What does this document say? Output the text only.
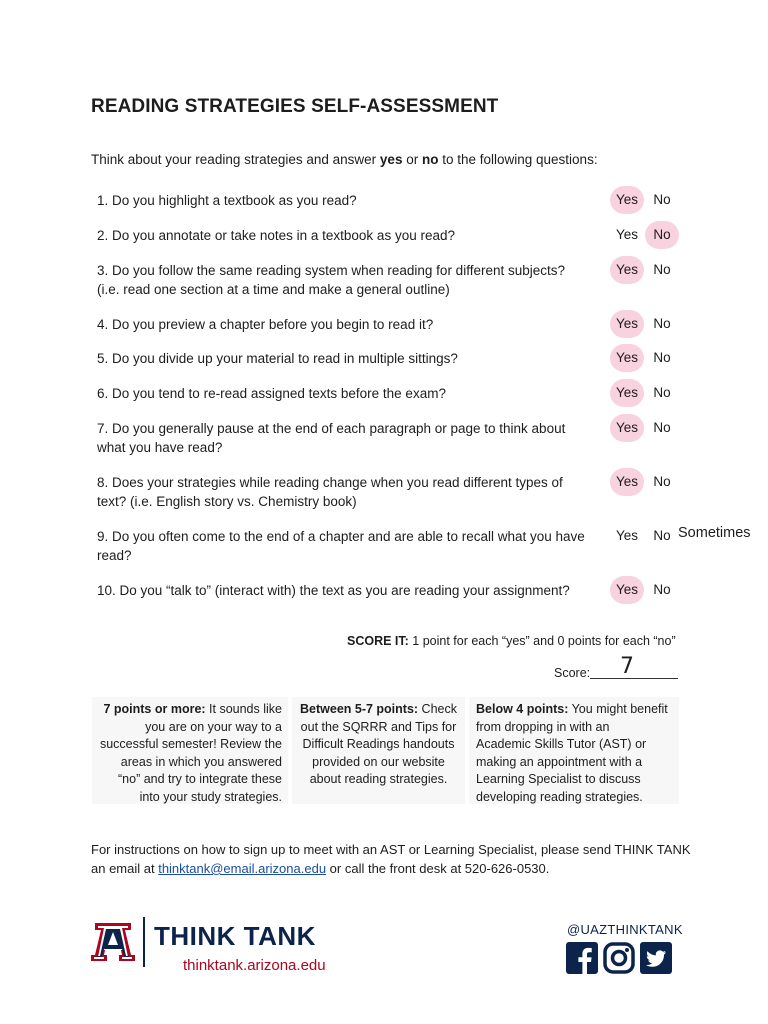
READING STRATEGIES SELF-ASSESSMENT
Think about your reading strategies and answer yes or no to the following questions:
1. Do you highlight a textbook as you read?	Yes	No
2. Do you annotate or take notes in a textbook as you read?	Yes	No
3. Do you follow the same reading system when reading for different subjects?
(i.e. read one section at a time and make a general outline)
Yes	No
4. Do you preview a chapter before you begin to read it?	Yes	No
5. Do you divide up your material to read in multiple sittings?	Yes	No
6. Do you tend to re-read assigned texts before the exam?	Yes	No
7. Do you generally pause at the end of each paragraph or page to think about
what you have read?
Yes	No
8. Does your strategies while reading change when you read different types of
text? (i.e. English story vs. Chemistry book)
Yes	No
9. Do you often come to the end of a chapter and are able to recall what you have
read?
Yes	No Sometimes
10. Do you “talk to” (interact with) the text as you are reading your assignment?	Yes	No
SCORE IT: 1 point for each “yes” and 0 points for each “no”
Score: 7
7 points or more: It sounds like
you are on your way to a
successful semester! Review the
areas in which you answered
“no” and try to integrate these
into your study strategies.
Between 5-7 points: Check
out the SQRRR and Tips for
Difficult Readings handouts
provided on our website
about reading strategies.
Below 4 points: You might benefit
from dropping in with an
Academic Skills Tutor (AST) or
making an appointment with a
Learning Specialist to discuss
developing reading strategies.
For instructions on how to sign up to meet with an AST or Learning Specialist, please send THINK TANK
an email at thinktank@email.arizona.edu or call the front desk at 520-626-0530.
THINK TANK
thinktank.arizona.edu
@UAZTHINKTANK
